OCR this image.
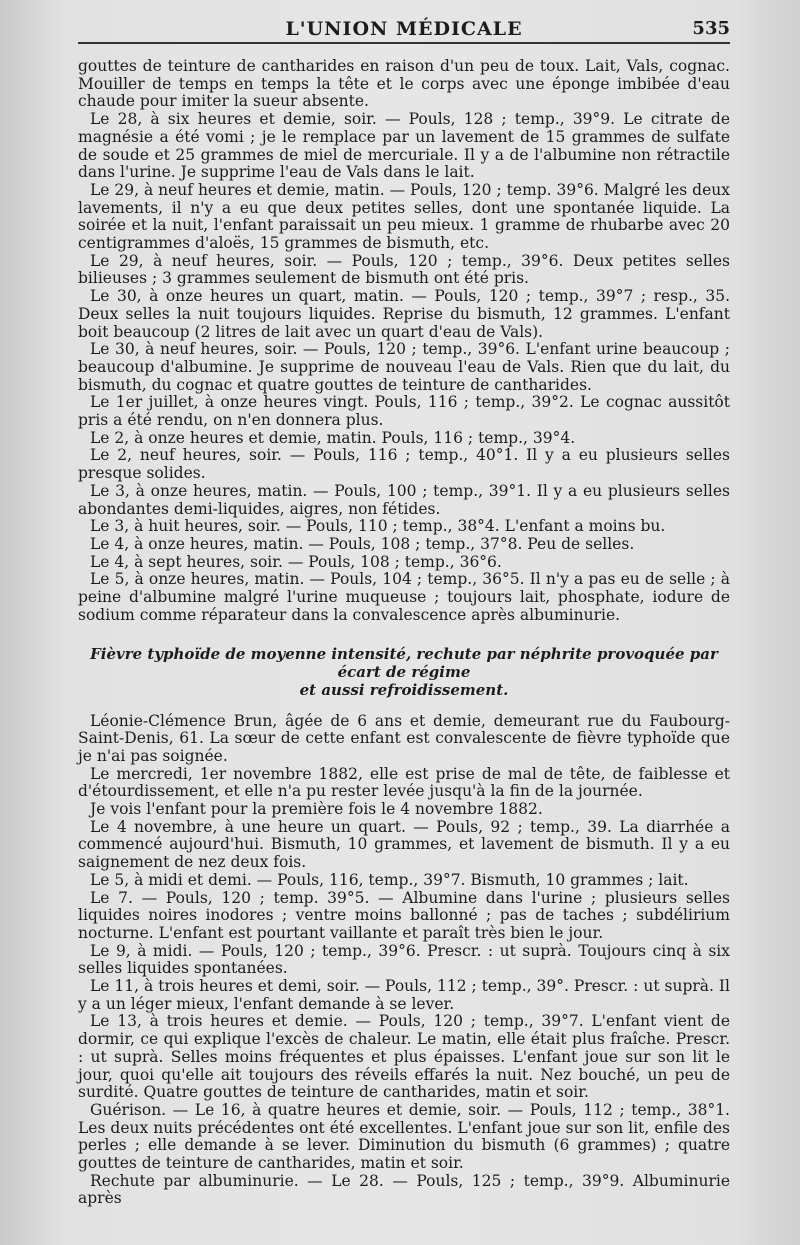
L'UNION MÉDICALE	535

gouttes de teinture de cantharides en raison d'un peu de toux. Lait, Vals, cognac. Mouiller de temps en temps la tête et le corps avec une éponge imbibée d'eau chaude pour imiter la sueur absente.

Le 28, à six heures et demie, soir. — Pouls, 128 ; temp., 39°9. Le citrate de magnésie a été vomi ; je le remplace par un lavement de 15 grammes de sulfate de soude et 25 grammes de miel de mercuriale. Il y a de l'albumine non rétractile dans l'urine. Je supprime l'eau de Vals dans le lait.

Le 29, à neuf heures et demie, matin. — Pouls, 120 ; temp. 39°6. Malgré les deux lavements, il n'y a eu que deux petites selles, dont une spontanée liquide. La soirée et la nuit, l'enfant paraissait un peu mieux. 1 gramme de rhubarbe avec 20 centigrammes d'aloës, 15 grammes de bismuth, etc.

Le 29, à neuf heures, soir. — Pouls, 120 ; temp., 39°6. Deux petites selles bilieuses ; 3 grammes seulement de bismuth ont été pris.

Le 30, à onze heures un quart, matin. — Pouls, 120 ; temp., 39°7 ; resp., 35. Deux selles la nuit toujours liquides. Reprise du bismuth, 12 grammes. L'enfant boit beaucoup (2 litres de lait avec un quart d'eau de Vals).

Le 30, à neuf heures, soir. — Pouls, 120 ; temp., 39°6. L'enfant urine beaucoup ; beaucoup d'albumine. Je supprime de nouveau l'eau de Vals. Rien que du lait, du bismuth, du cognac et quatre gouttes de teinture de cantharides.

Le 1er juillet, à onze heures vingt. Pouls, 116 ; temp., 39°2. Le cognac aussitôt pris a été rendu, on n'en donnera plus.

Le 2, à onze heures et demie, matin. Pouls, 116 ; temp., 39°4.

Le 2, neuf heures, soir. — Pouls, 116 ; temp., 40°1. Il y a eu plusieurs selles presque solides.

Le 3, à onze heures, matin. — Pouls, 100 ; temp., 39°1. Il y a eu plusieurs selles abondantes demi-liquides, aigres, non fétides.

Le 3, à huit heures, soir. — Pouls, 110 ; temp., 38°4. L'enfant a moins bu.

Le 4, à onze heures, matin. — Pouls, 108 ; temp., 37°8. Peu de selles.

Le 4, à sept heures, soir. — Pouls, 108 ; temp., 36°6.

Le 5, à onze heures, matin. — Pouls, 104 ; temp., 36°5. Il n'y a pas eu de selle ; à peine d'albumine malgré l'urine muqueuse ; toujours lait, phosphate, iodure de sodium comme réparateur dans la convalescence après albuminurie.

Fièvre typhoïde de moyenne intensité, rechute par néphrite provoquée par écart de régime
et aussi refroidissement.

Léonie-Clémence Brun, âgée de 6 ans et demie, demeurant rue du Faubourg-Saint-Denis, 61. La sœur de cette enfant est convalescente de fièvre typhoïde que je n'ai pas soignée.

Le mercredi, 1er novembre 1882, elle est prise de mal de tête, de faiblesse et d'étourdissement, et elle n'a pu rester levée jusqu'à la fin de la journée.

Je vois l'enfant pour la première fois le 4 novembre 1882.

Le 4 novembre, à une heure un quart. — Pouls, 92 ; temp., 39. La diarrhée a commencé aujourd'hui. Bismuth, 10 grammes, et lavement de bismuth. Il y a eu saignement de nez deux fois.

Le 5, à midi et demi. — Pouls, 116, temp., 39°7. Bismuth, 10 grammes ; lait.

Le 7. — Pouls, 120 ; temp. 39°5. — Albumine dans l'urine ; plusieurs selles liquides noires inodores ; ventre moins ballonné ; pas de taches ; subdélirium nocturne. L'enfant est pourtant vaillante et paraît très bien le jour.

Le 9, à midi. — Pouls, 120 ; temp., 39°6. Prescr. : ut suprà. Toujours cinq à six selles liquides spontanées.

Le 11, à trois heures et demi, soir. — Pouls, 112 ; temp., 39°. Prescr. : ut suprà. Il y a un léger mieux, l'enfant demande à se lever.

Le 13, à trois heures et demie. — Pouls, 120 ; temp., 39°7. L'enfant vient de dormir, ce qui explique l'excès de chaleur. Le matin, elle était plus fraîche. Prescr. : ut suprà. Selles moins fréquentes et plus épaisses. L'enfant joue sur son lit le jour, quoi qu'elle ait toujours des réveils effarés la nuit. Nez bouché, un peu de surdité. Quatre gouttes de teinture de cantharides, matin et soir.

Guérison. — Le 16, à quatre heures et demie, soir. — Pouls, 112 ; temp., 38°1. Les deux nuits précédentes ont été excellentes. L'enfant joue sur son lit, enfile des perles ; elle demande à se lever. Diminution du bismuth (6 grammes) ; quatre gouttes de teinture de cantharides, matin et soir.

Rechute par albuminurie. — Le 28. — Pouls, 125 ; temp., 39°9. Albuminurie après
